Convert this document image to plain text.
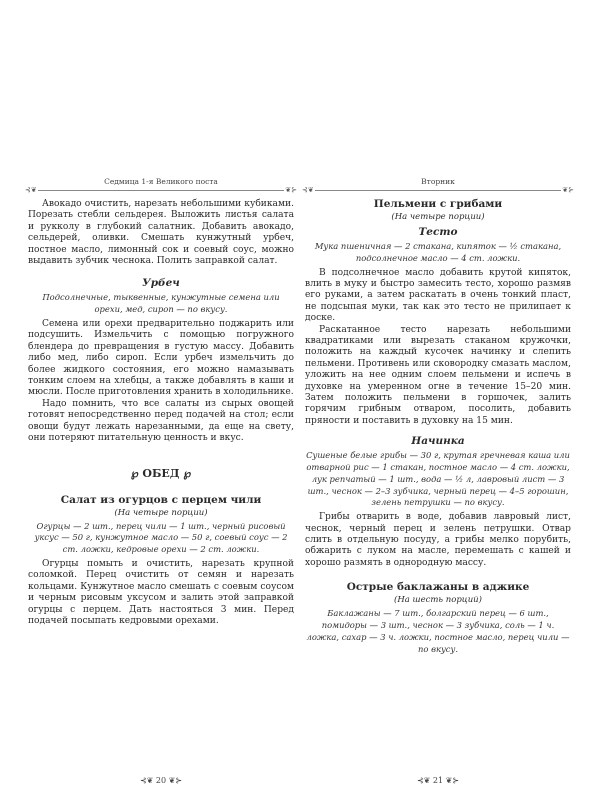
⊰❦
Седмица 1-я Великого поста
❦⊱

Авокадо очистить, нарезать небольшими кубиками. Порезать стебли сельдерея. Выложить листья салата и рукколу в глубокий салатник. Добавить авокадо, сельдерей, оливки. Смешать кунжутный урбеч, постное масло, лимонный сок и соевый соус, можно выдавить зубчик чеснока. Полить заправкой салат.

Урбеч

Подсолнечные, тыквенные, кунжутные семена или орехи, мед, сироп — по вкусу.

Семена или орехи предварительно поджарить или подсушить. Измельчить с помощью погружного блендера до превращения в густую массу. Добавить либо мед, либо сироп. Если урбеч измельчить до более жидкого состояния, его можно намазывать тонким слоем на хлебцы, а также добавлять в каши и мюсли. После приготовления хранить в холодильнике.

Надо помнить, что все салаты из сырых овощей готовят непосредственно перед подачей на стол; если овощи будут лежать нарезанными, да еще на свету, они потеряют питательную ценность и вкус.

℘ ОБЕД ℘

Салат из огурцов с перцем чили

(На четыре порции)

Огурцы — 2 шт., перец чили — 1 шт., черный рисовый уксус — 50 г, кунжутное масло — 50 г, соевый соус — 2 ст. ложки, кедровые орехи — 2 ст. ложки.

Огурцы помыть и очистить, нарезать крупной соломкой. Перец очистить от семян и нарезать кольцами. Кунжутное масло смешать с соевым соусом и черным рисовым уксусом и залить этой заправкой огурцы с перцем. Дать настояться 3 мин. Перед подачей посыпать кедровыми орехами.

⊰❦ 20 ❦⊱
⊰❦
Вторник
❦⊱

Пельмени с грибами

(На четыре порции)

Тесто

Мука пшеничная — 2 стакана, кипяток — ½ стакана, подсолнечное масло — 4 ст. ложки.

В подсолнечное масло добавить крутой кипяток, влить в муку и быстро замесить тесто, хорошо размяв его руками, а затем раскатать в очень тонкий пласт, не подсыпая муки, так как это тесто не прилипает к доске.

Раскатанное тесто нарезать небольшими квадратиками или вырезать стаканом кружочки, положить на каждый кусочек начинку и слепить пельмени. Противень или сковородку смазать маслом, уложить на нее одним слоем пельмени и испечь в духовке на умеренном огне в течение 15–20 мин. Затем положить пельмени в горшочек, залить горячим грибным отваром, посолить, добавить пряности и поставить в духовку на 15 мин.

Начинка

Сушеные белые грибы — 30 г, крутая гречневая каша или отварной рис — 1 стакан, постное масло — 4 ст. ложки, лук репчатый — 1 шт., вода — ½ л, лавровый лист — 3 шт., чеснок — 2–3 зубчика, черный перец — 4–5 горошин, зелень петрушки — по вкусу.

Грибы отварить в воде, добавив лавровый лист, чеснок, черный перец и зелень петрушки. Отвар слить в отдельную посуду, а грибы мелко порубить, обжарить с луком на масле, перемешать с кашей и хорошо размять в однородную массу.

Острые баклажаны в аджике

(На шесть порций)

Баклажаны — 7 шт., болгарский перец — 6 шт., помидоры — 3 шт., чеснок — 3 зубчика, соль — 1 ч. ложка, сахар — 3 ч. ложки, постное масло, перец чили — по вкусу.

⊰❦ 21 ❦⊱
